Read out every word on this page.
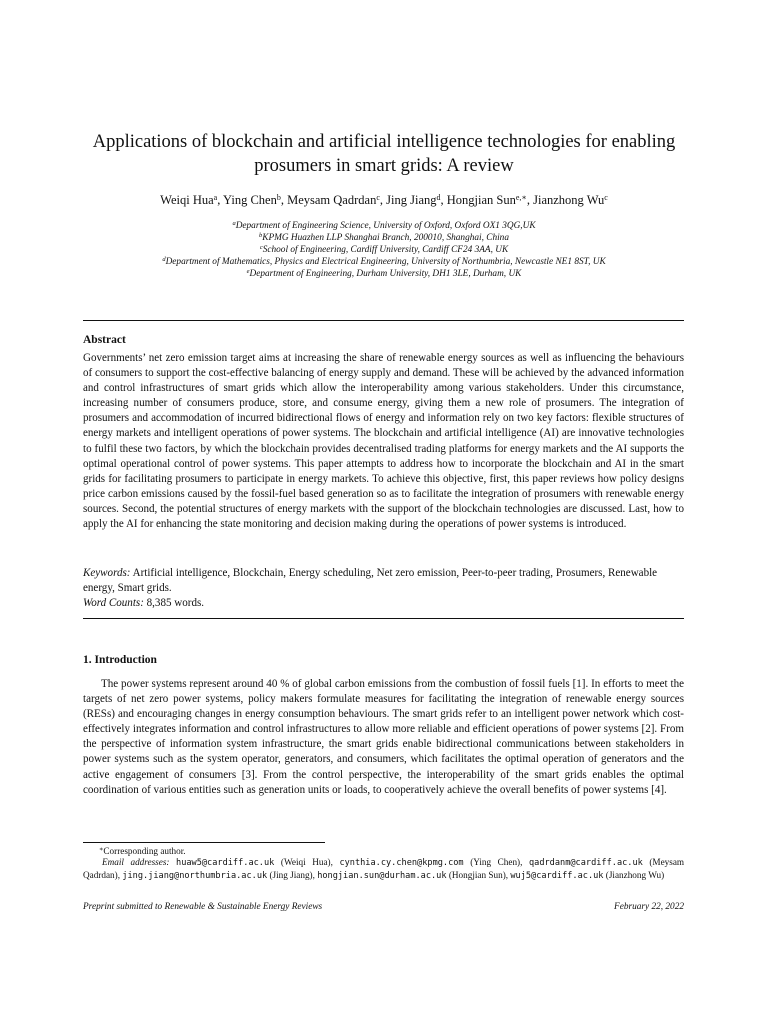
Applications of blockchain and artificial intelligence technologies for enabling prosumers in smart grids: A review
Weiqi Hua$^a$, Ying Chen$^b$, Meysam Qadrdan$^c$, Jing Jiang$^d$, Hongjian Sun$^{e,∗}$, Jianzhong Wu$^c$
$^a$Department of Engineering Science, University of Oxford, Oxford OX1 3QG,UK
$^b$KPMG Huazhen LLP Shanghai Branch, 200010, Shanghai, China
$^c$School of Engineering, Cardiff University, Cardiff CF24 3AA, UK
$^d$Department of Mathematics, Physics and Electrical Engineering, University of Northumbria, Newcastle NE1 8ST, UK
$^e$Department of Engineering, Durham University, DH1 3LE, Durham, UK
Abstract

Governments’ net zero emission target aims at increasing the share of renewable energy sources as well as influencing the behaviours of consumers to support the cost-effective balancing of energy supply and demand. These will be achieved by the advanced information and control infrastructures of smart grids which allow the interoperability among various stakeholders. Under this circumstance, increasing number of consumers produce, store, and consume energy, giving them a new role of prosumers. The integration of prosumers and accommodation of incurred bidirectional flows of energy and information rely on two key factors: flexible structures of energy markets and intelligent operations of power systems. The blockchain and artificial intelligence (AI) are innovative technologies to fulfil these two factors, by which the blockchain provides decentralised trading platforms for energy markets and the AI supports the optimal operational control of power systems. This paper attempts to address how to incorporate the blockchain and AI in the smart grids for facilitating prosumers to participate in energy markets. To achieve this objective, first, this paper reviews how policy designs price carbon emissions caused by the fossil-fuel based generation so as to facilitate the integration of prosumers with renewable energy sources. Second, the potential structures of energy markets with the support of the blockchain technologies are discussed. Last, how to apply the AI for enhancing the state monitoring and decision making during the operations of power systems is introduced.

Keywords: Artificial intelligence, Blockchain, Energy scheduling, Net zero emission, Peer-to-peer trading, Prosumers, Renewable energy, Smart grids.

Word Counts: 8,385 words.
1. Introduction

The power systems represent around 40 % of global carbon emissions from the combustion of fossil fuels [1]. In efforts to meet the targets of net zero power systems, policy makers formulate measures for facilitating the integration of renewable energy sources (RESs) and encouraging changes in energy consumption behaviours. The smart grids refer to an intelligent power network which cost-effectively integrates information and control infrastructures to allow more reliable and efficient operations of power systems [2]. From the perspective of information system infrastructure, the smart grids enable bidirectional communications between stakeholders in power systems such as the system operator, generators, and consumers, which facilitates the optimal operation of generators and the active engagement of consumers [3]. From the control perspective, the interoperability of the smart grids enables the optimal coordination of various entities such as generation units or loads, to cooperatively achieve the overall benefits of power systems [4].

∗Corresponding author.

Email addresses: huaw5@cardiff.ac.uk (Weiqi Hua), cynthia.cy.chen@kpmg.com (Ying Chen), qadrdanm@cardiff.ac.uk (Meysam Qadrdan), jing.jiang@northumbria.ac.uk (Jing Jiang), hongjian.sun@durham.ac.uk (Hongjian Sun), wuj5@cardiff.ac.uk (Jianzhong Wu)

Preprint submitted to Renewable & Sustainable Energy Reviews	February 22, 2022
